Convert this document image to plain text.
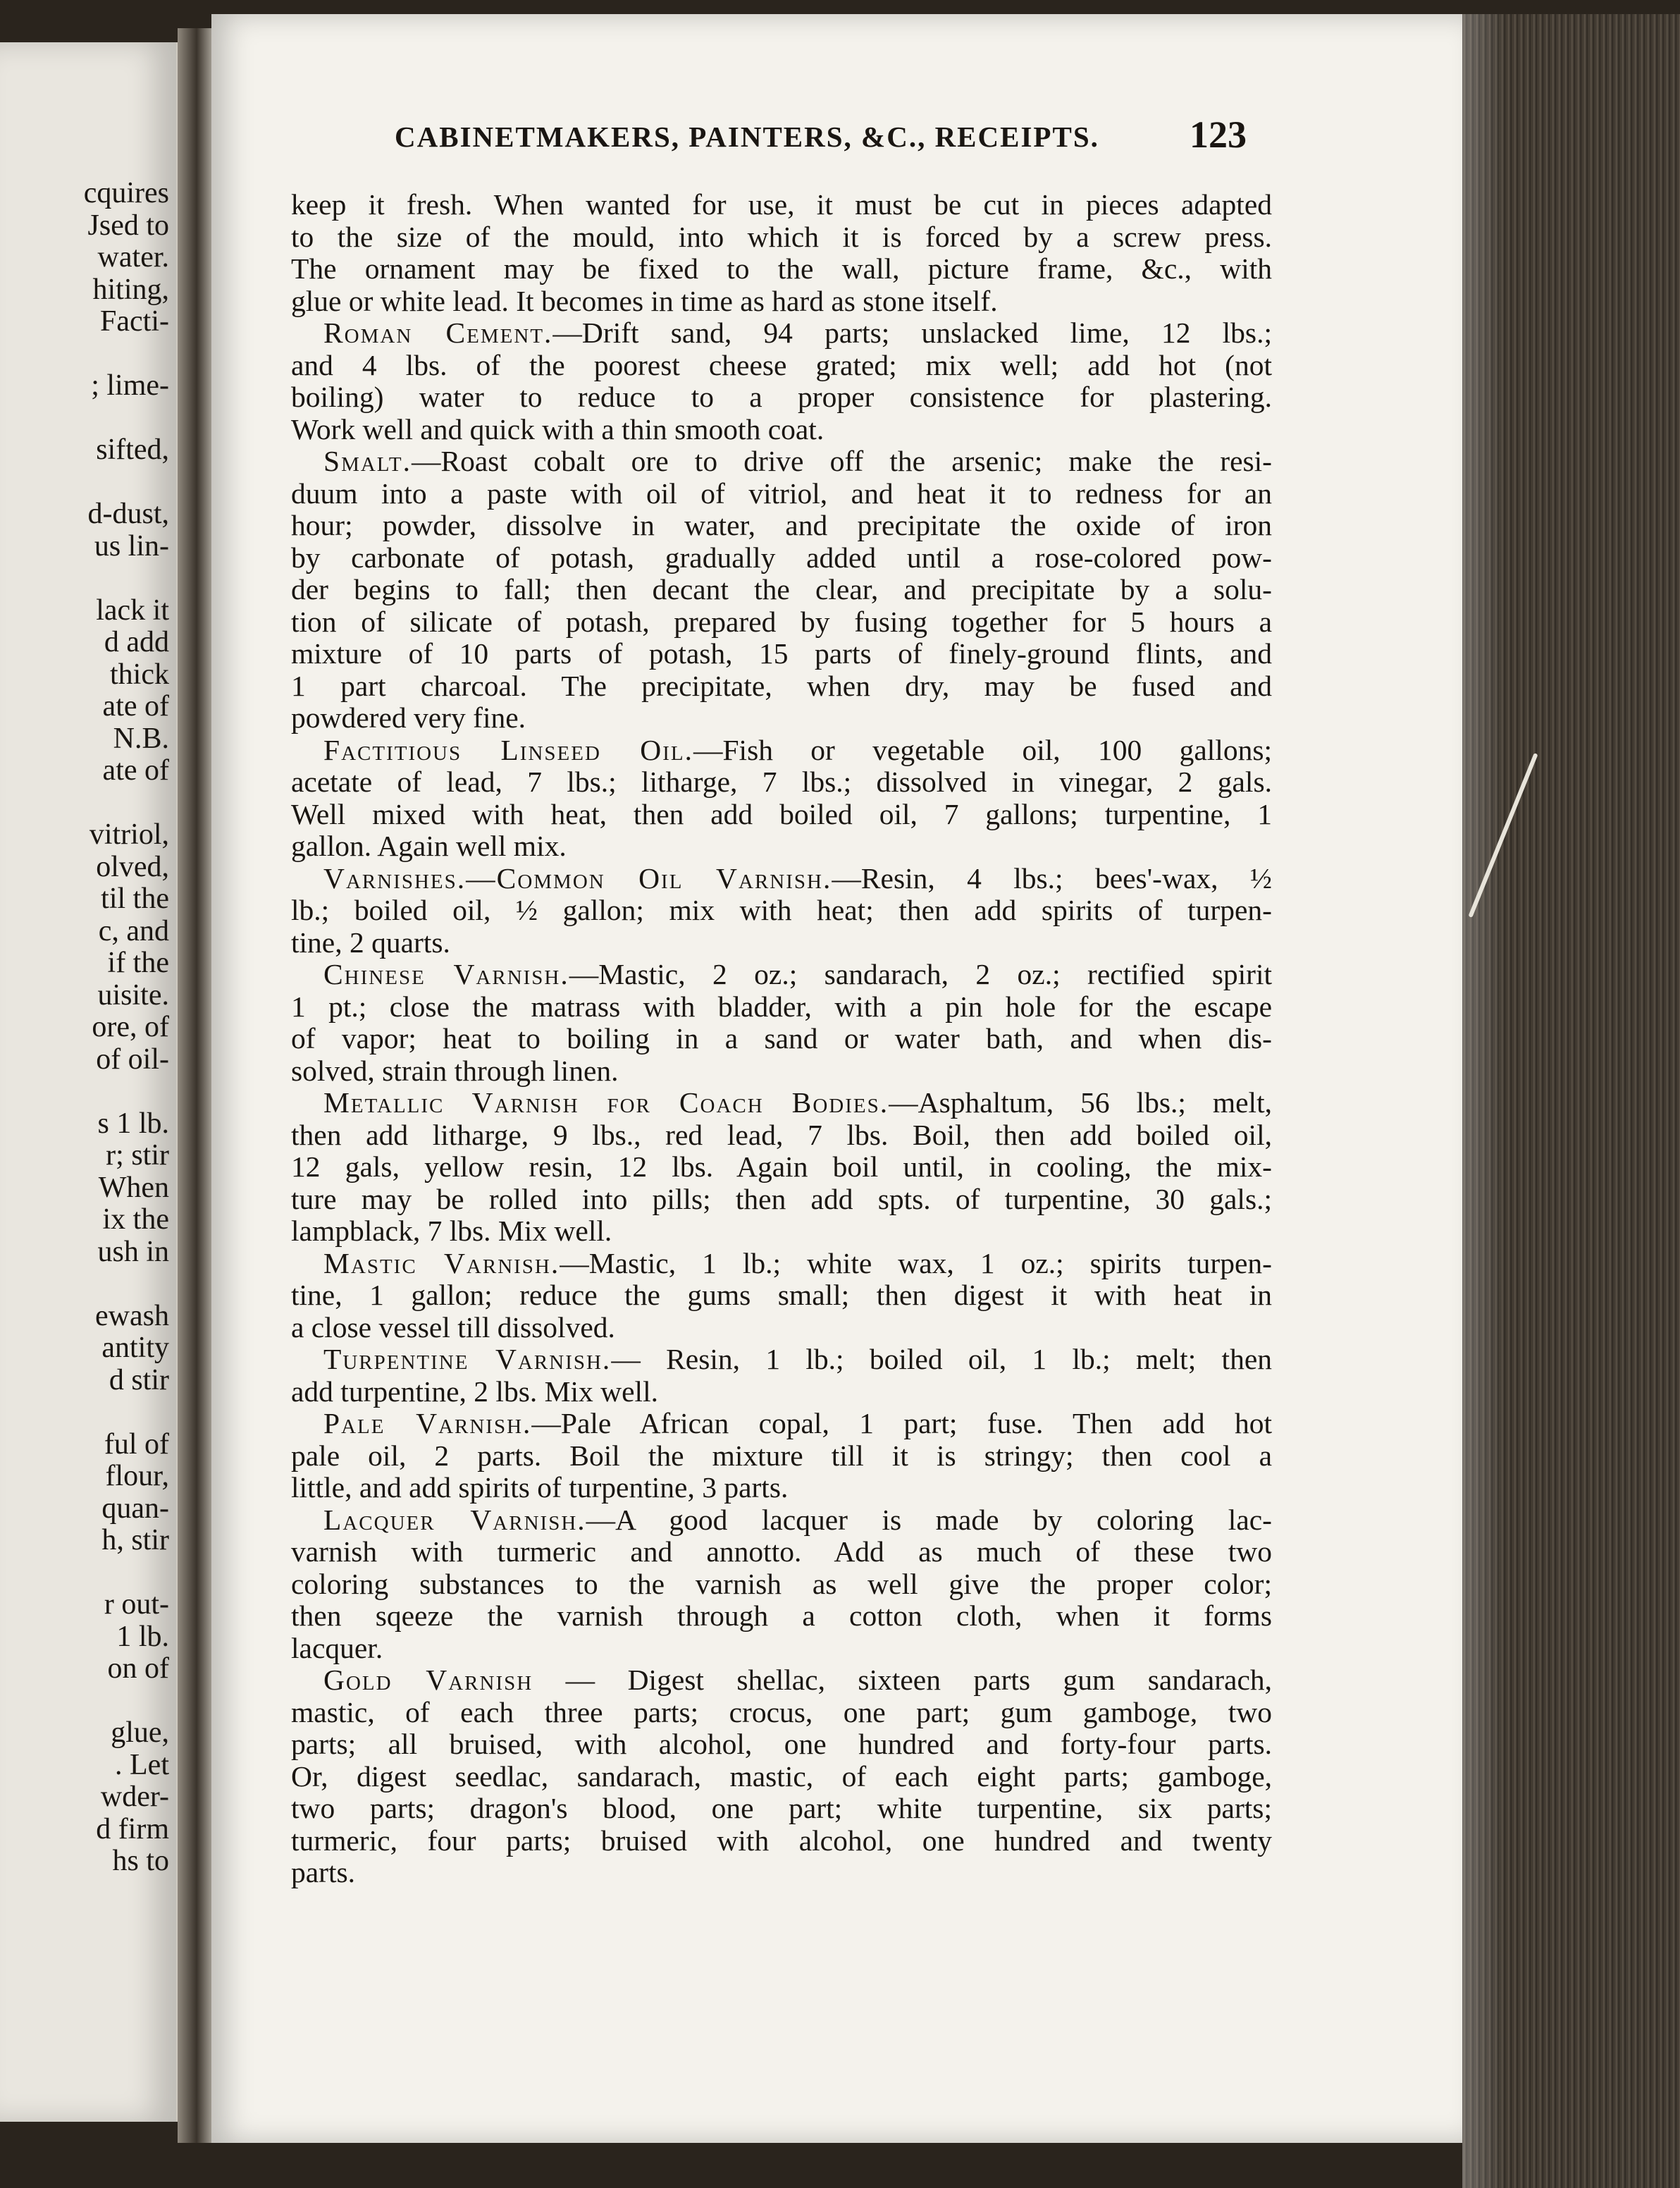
cquires
Jsed to
water.
hiting,
Facti-
; lime-
sifted,
d-dust,
us lin-
lack it
d add
thick
ate of
N.B.
ate of
vitriol,
olved,
til the
c, and
if the
uisite.
ore, of
of oil-
s 1 lb.
r; stir
When
ix the
ush in
ewash
antity
d stir
ful of
flour,
quan-
h, stir
r out-
1 lb.
on of
glue,
. Let
wder-
d firm
hs to
CABINETMAKERS, PAINTERS, &C., RECEIPTS.	123
keep it fresh. When wanted for use, it must be cut in pieces adapted
to the size of the mould, into which it is forced by a screw press.
The ornament may be fixed to the wall, picture frame, &c., with
glue or white lead. It becomes in time as hard as stone itself.
Roman Cement.—Drift sand, 94 parts; unslacked lime, 12 lbs.;
and 4 lbs. of the poorest cheese grated; mix well; add hot (not
boiling) water to reduce to a proper consistence for plastering.
Work well and quick with a thin smooth coat.
Smalt.—Roast cobalt ore to drive off the arsenic; make the resi-
duum into a paste with oil of vitriol, and heat it to redness for an
hour; powder, dissolve in water, and precipitate the oxide of iron
by carbonate of potash, gradually added until a rose-colored pow-
der begins to fall; then decant the clear, and precipitate by a solu-
tion of silicate of potash, prepared by fusing together for 5 hours a
mixture of 10 parts of potash, 15 parts of finely-ground flints, and
1 part charcoal. The precipitate, when dry, may be fused and
powdered very fine.
Factitious Linseed Oil.—Fish or vegetable oil, 100 gallons;
acetate of lead, 7 lbs.; litharge, 7 lbs.; dissolved in vinegar, 2 gals.
Well mixed with heat, then add boiled oil, 7 gallons; turpentine, 1
gallon. Again well mix.
Varnishes.—Common Oil Varnish.—Resin, 4 lbs.; bees'-wax, ½
lb.; boiled oil, ½ gallon; mix with heat; then add spirits of turpen-
tine, 2 quarts.
Chinese Varnish.—Mastic, 2 oz.; sandarach, 2 oz.; rectified spirit
1 pt.; close the matrass with bladder, with a pin hole for the escape
of vapor; heat to boiling in a sand or water bath, and when dis-
solved, strain through linen.
Metallic Varnish for Coach Bodies.—Asphaltum, 56 lbs.; melt,
then add litharge, 9 lbs., red lead, 7 lbs. Boil, then add boiled oil,
12 gals, yellow resin, 12 lbs. Again boil until, in cooling, the mix-
ture may be rolled into pills; then add spts. of turpentine, 30 gals.;
lampblack, 7 lbs. Mix well.
Mastic Varnish.—Mastic, 1 lb.; white wax, 1 oz.; spirits turpen-
tine, 1 gallon; reduce the gums small; then digest it with heat in
a close vessel till dissolved.
Turpentine Varnish.— Resin, 1 lb.; boiled oil, 1 lb.; melt; then
add turpentine, 2 lbs. Mix well.
Pale Varnish.—Pale African copal, 1 part; fuse. Then add hot
pale oil, 2 parts. Boil the mixture till it is stringy; then cool a
little, and add spirits of turpentine, 3 parts.
Lacquer Varnish.—A good lacquer is made by coloring lac-
varnish with turmeric and annotto. Add as much of these two
coloring substances to the varnish as well give the proper color;
then sqeeze the varnish through a cotton cloth, when it forms
lacquer.
Gold Varnish — Digest shellac, sixteen parts gum sandarach,
mastic, of each three parts; crocus, one part; gum gamboge, two
parts; all bruised, with alcohol, one hundred and forty-four parts.
Or, digest seedlac, sandarach, mastic, of each eight parts; gamboge,
two parts; dragon's blood, one part; white turpentine, six parts;
turmeric, four parts; bruised with alcohol, one hundred and twenty
parts.
